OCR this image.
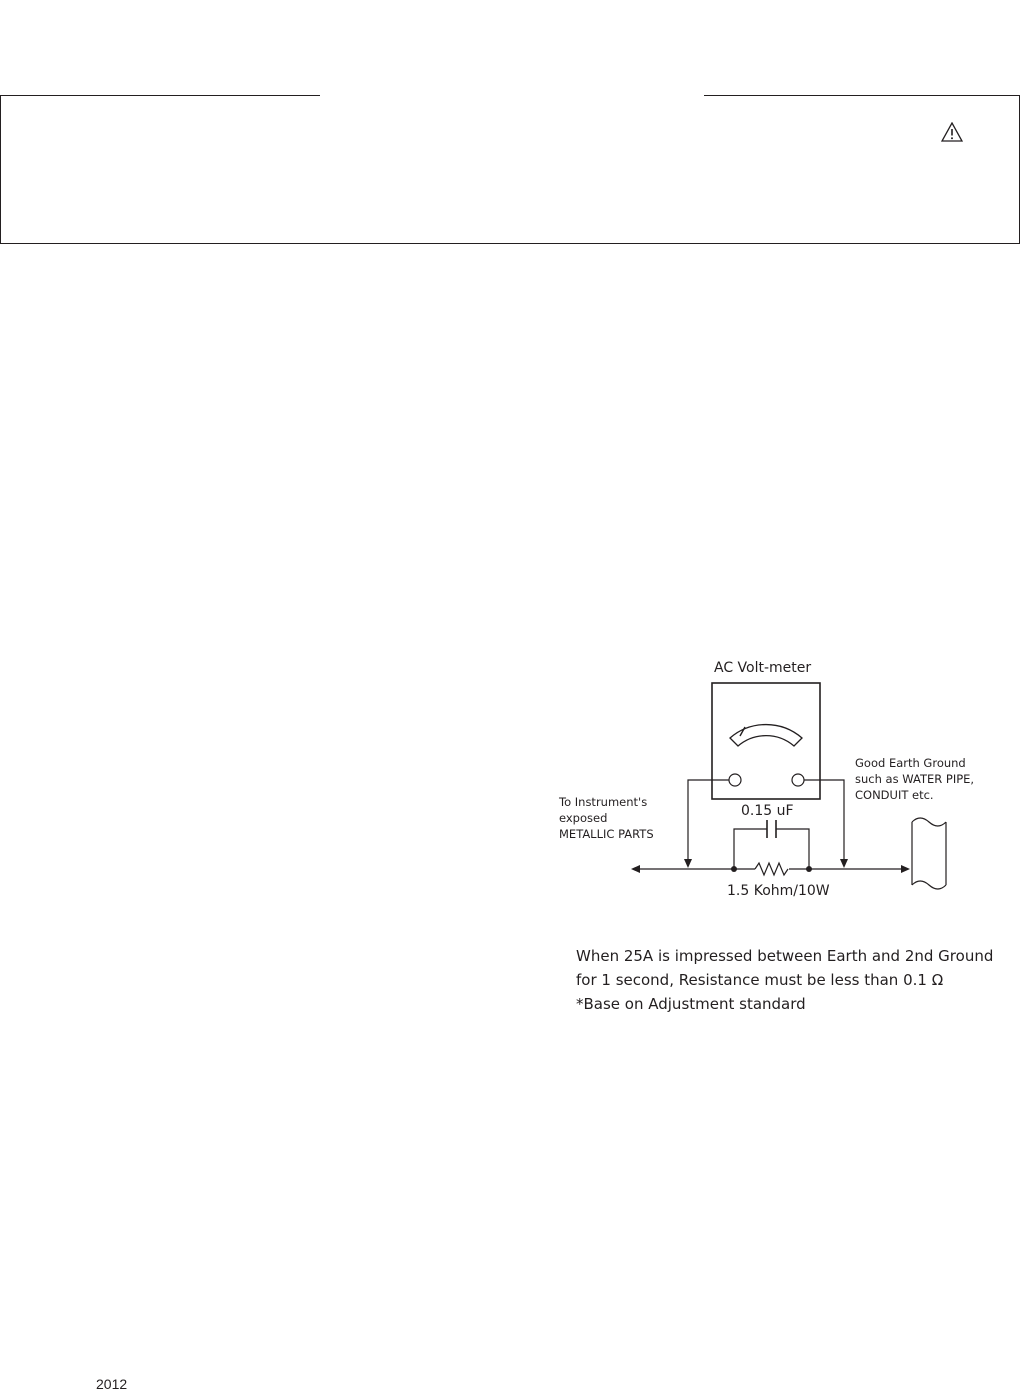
AC Volt-meter
0.15 uF
1.5 Kohm/10W
To Instrument's
exposed
METALLIC PARTS
Good Earth Ground
such as WATER PIPE,
CONDUIT etc.
When 25A is impressed between Earth and 2nd Ground
for 1 second, Resistance must be less than 0.1 Ω
*Base on Adjustment standard
2012
